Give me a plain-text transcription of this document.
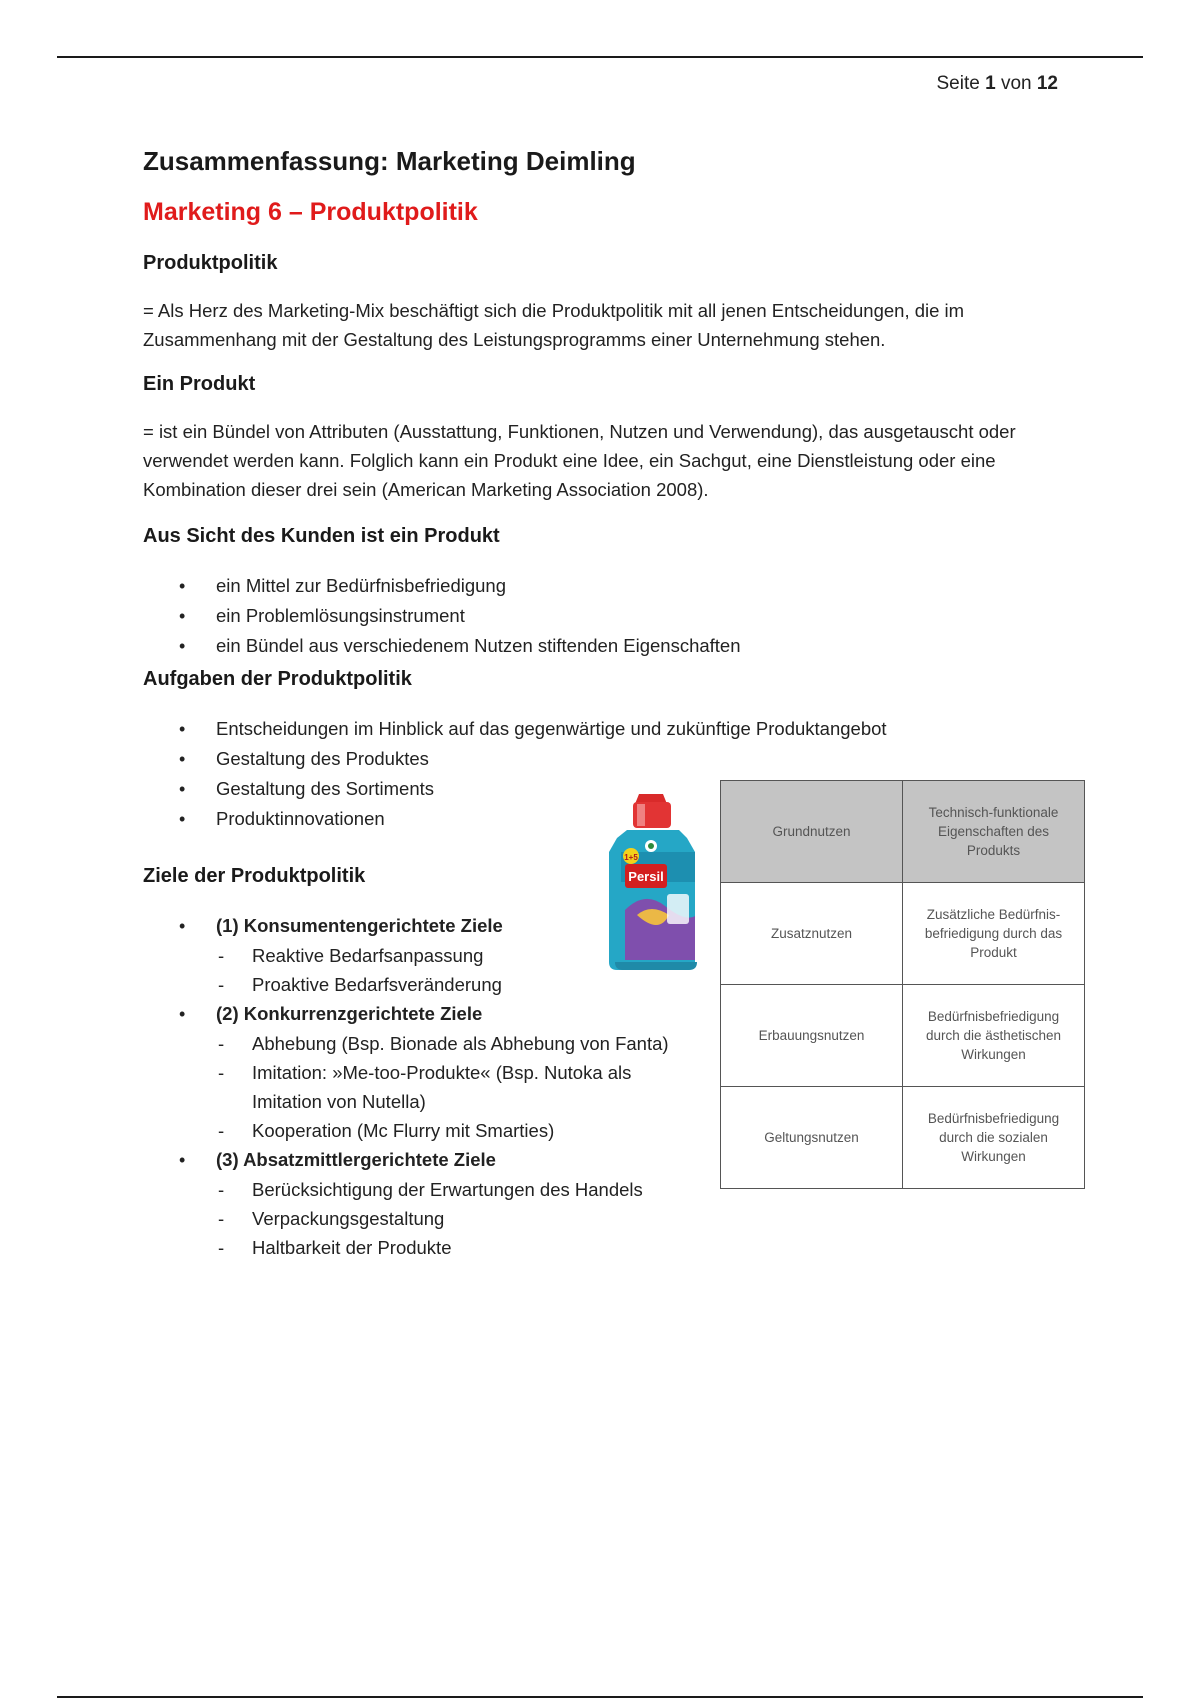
Seite 1 von 12
Zusammenfassung: Marketing Deimling
Marketing 6 – Produktpolitik
Produktpolitik

= Als Herz des Marketing-Mix beschäftigt sich die Produktpolitik mit all jenen Entscheidungen, die im Zusammenhang mit der Gestaltung des Leistungsprogramms einer Unternehmung stehen.

Ein Produkt

= ist ein Bündel von Attributen (Ausstattung, Funktionen, Nutzen und Verwendung), das ausgetauscht oder verwendet werden kann. Folglich kann ein Produkt eine Idee, ein Sachgut, eine Dienstleistung oder eine Kombination dieser drei sein (American Marketing Association 2008).

Aus Sicht des Kunden ist ein Produkt
• ein Mittel zur Bedürfnisbefriedigung
• ein Problemlösungsinstrument
• ein Bündel aus verschiedenem Nutzen stiftenden Eigenschaften
Aufgaben der Produktpolitik
• Entscheidungen im Hinblick auf das gegenwärtige und zukünftige Produktangebot
• Gestaltung des Produktes
• Gestaltung des Sortiments
• Produktinnovationen
Ziele der Produktpolitik
• (1) Konsumentengerichtete Ziele
- Reaktive Bedarfsanpassung
- Proaktive Bedarfsveränderung
• (2) Konkurrenzgerichtete Ziele
- Abhebung (Bsp. Bionade als Abhebung von Fanta)
- Imitation: »Me-too-Produkte« (Bsp. Nutoka als Imitation von Nutella)
- Kooperation (Mc Flurry mit Smarties)
• (3) Absatzmittlergerichtete Ziele
- Berücksichtigung der Erwartungen des Handels
- Verpackungsgestaltung
- Haltbarkeit der Produkte
Persil
1+5
Grundnutzen	Technisch-funktionale Eigenschaften des Produkts
Zusatznutzen	Zusätzliche Bedürfnis-befriedigung durch das Produkt
Erbauungsnutzen	Bedürfnisbefriedigung durch die ästhetischen Wirkungen
Geltungsnutzen	Bedürfnisbefriedigung durch die sozialen Wirkungen
